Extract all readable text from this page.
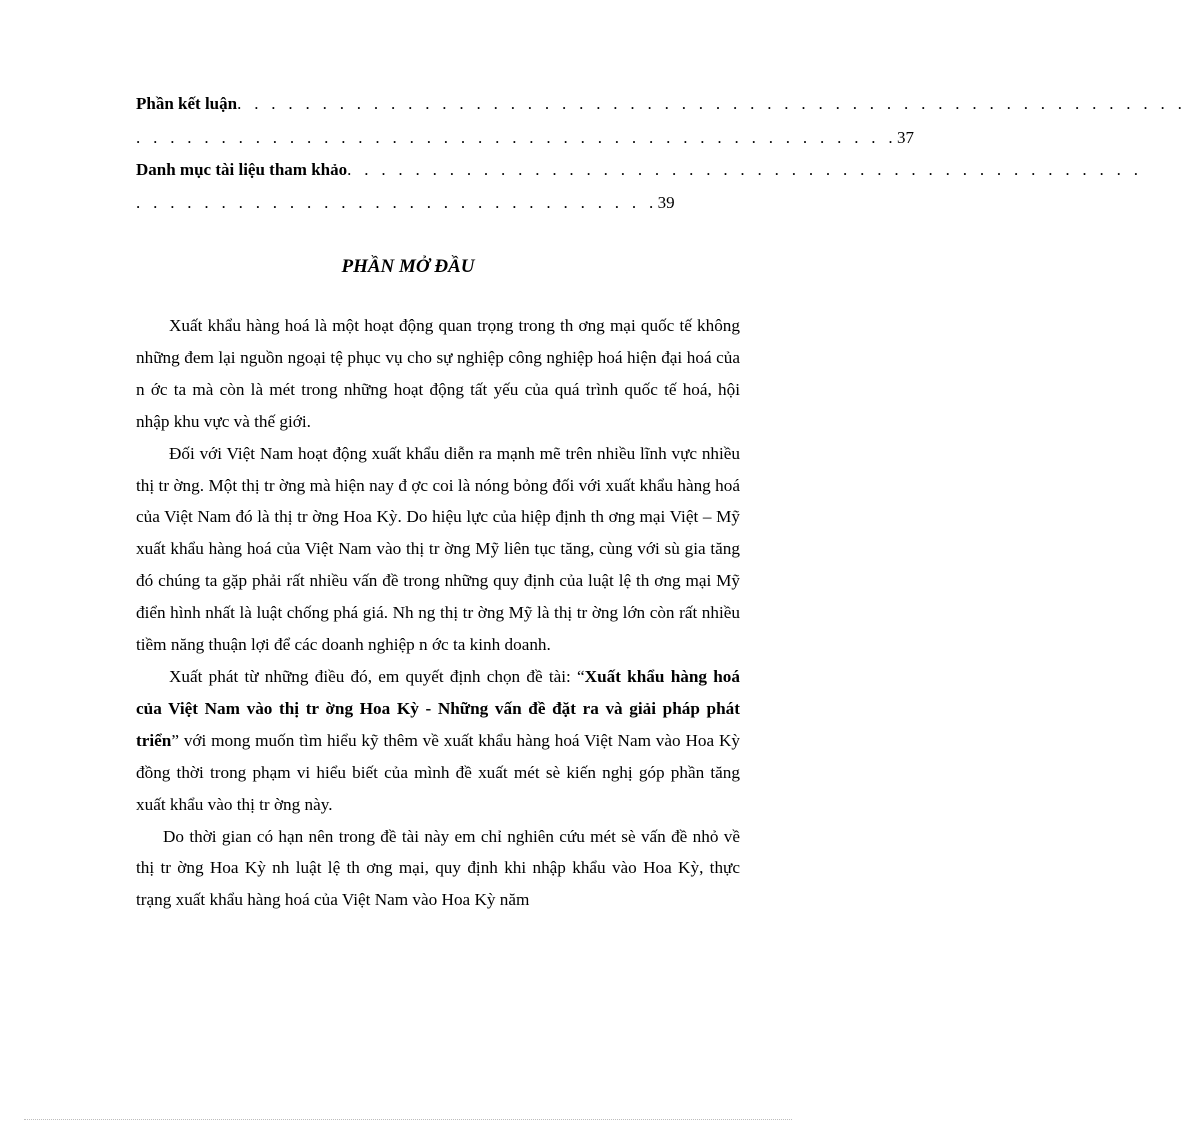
Phần kết luận. . . . . . . . . . . . . . . . . . . . . . . . . . . . . . . . . . . . . . . . . . . . . . . . . . . . . . . .
. . . . . . . . . . . . . . . . . . . . . . . . . . . . . . . . . . . . . . . . . . . . .37
Danh mục tài liệu tham khảo. . . . . . . . . . . . . . . . . . . . . . . . . . . . . . . . . . . . . . . . . . . . . . .
. . . . . . . . . . . . . . . . . . . . . . . . . . . . . . .39
PHẦN MỞ ĐẦU

Xuất khẩu hàng hoá là một hoạt động quan trọng trong th ơng mại quốc tế không những đem lại nguồn ngoại tệ phục vụ cho sự nghiệp công nghiệp hoá hiện đại hoá của n ớc ta mà còn là mét trong những hoạt động tất yếu của quá trình quốc tế hoá, hội nhập khu vực và thế giới.

Đối với Việt Nam hoạt động xuất khẩu diễn ra mạnh mẽ trên nhiều lĩnh vực nhiều thị tr ờng. Một thị tr ờng mà hiện nay đ ợc coi là nóng bỏng đối với xuất khẩu hàng hoá của Việt Nam đó là thị tr ờng Hoa Kỳ. Do hiệu lực của hiệp định th ơng mại Việt – Mỹ xuất khẩu hàng hoá của Việt Nam vào thị tr ờng Mỹ liên tục tăng, cùng với sù gia tăng đó chúng ta gặp phải rất nhiều vấn đề trong những quy định của luật lệ th ơng mại Mỹ điển hình nhất là luật chống phá giá. Nh ng thị tr ờng Mỹ là thị tr ờng lớn còn rất nhiều tiềm năng thuận lợi để các doanh nghiệp n ớc ta kinh doanh.

Xuất phát từ những điều đó, em quyết định chọn đề tài: “Xuất khẩu hàng hoá của Việt Nam vào thị tr ờng Hoa Kỳ - Những vấn đề đặt ra và giải pháp phát triển” với mong muốn tìm hiểu kỹ thêm về xuất khẩu hàng hoá Việt Nam vào Hoa Kỳ đồng thời trong phạm vi hiểu biết của mình đề xuất mét sè kiến nghị góp phần tăng xuất khẩu vào thị tr ờng này.

Do thời gian có hạn nên trong đề tài này em chỉ nghiên cứu mét sè vấn đề nhỏ về thị tr ờng Hoa Kỳ nh luật lệ th ơng mại, quy định khi nhập khẩu vào Hoa Kỳ, thực trạng xuất khẩu hàng hoá của Việt Nam vào Hoa Kỳ năm
